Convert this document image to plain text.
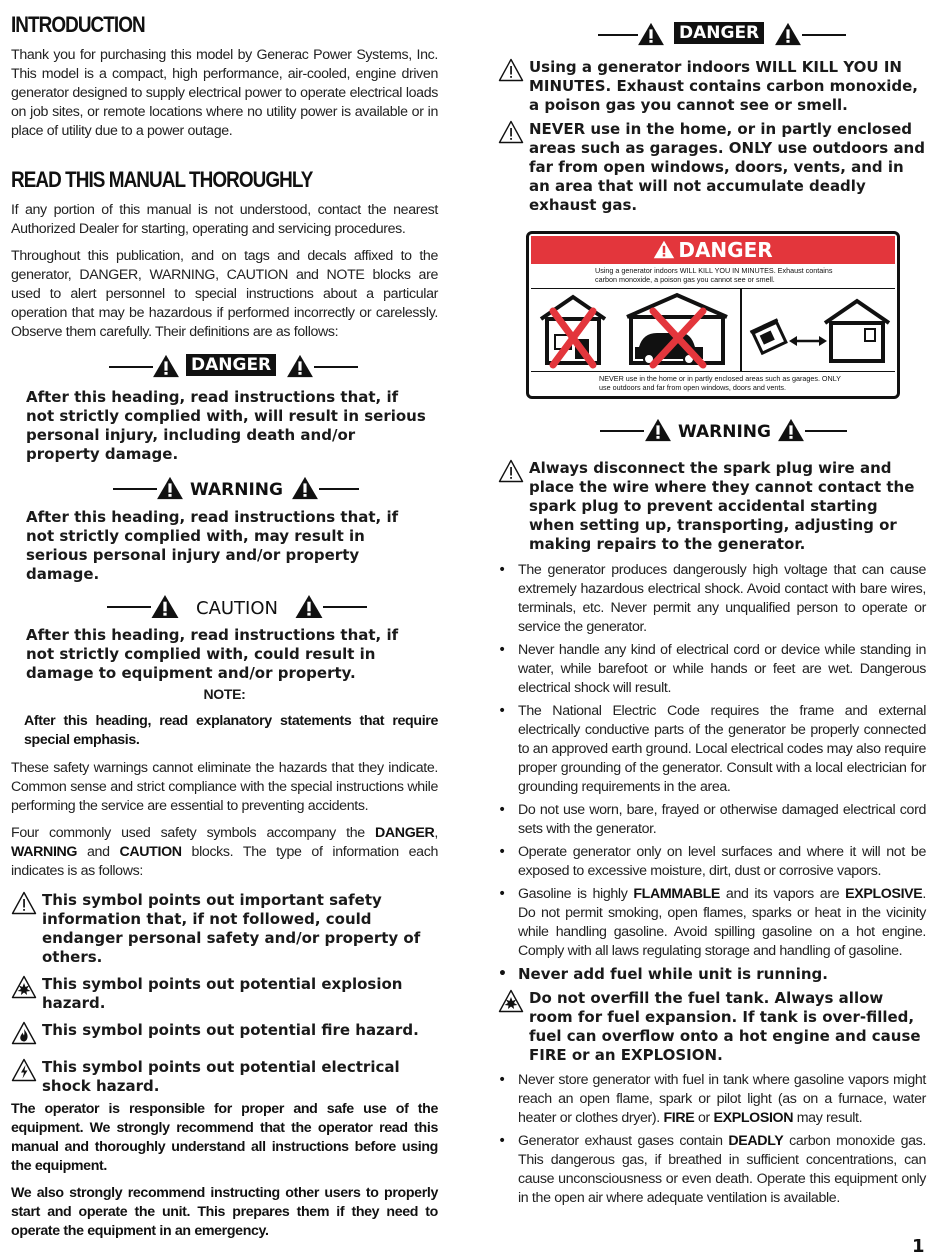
INTRODUCTION

Thank you for purchasing this model by Generac Power Systems, Inc. This model is a compact, high performance, air-cooled, engine driven generator designed to supply electrical power to operate electrical loads on job sites, or remote locations where no utility power is available or in place of utility due to a power outage.

READ THIS MANUAL THOROUGHLY

If any portion of this manual is not understood, contact the nearest Authorized Dealer for starting, operating and servicing procedures.

Throughout this publication, and on tags and decals affixed to the generator, DANGER, WARNING, CAUTION and NOTE blocks are used to alert personnel to special instructions about a particular operation that may be hazardous if performed incorrectly or carelessly. Observe them carefully. Their definitions are as follows:

DANGER

After this heading, read instructions that, if not strictly complied with, will result in serious personal injury, including death and/or property damage.

WARNING

After this heading, read instructions that, if not strictly complied with, may result in serious personal injury and/or property damage.

CAUTION

After this heading, read instructions that, if not strictly complied with, could result in damage to equipment and/or property.

NOTE:

After this heading, read explanatory statements that require special emphasis.

These safety warnings cannot eliminate the hazards that they indicate. Common sense and strict compliance with the special instructions while performing the service are essential to preventing accidents.

Four commonly used safety symbols accompany the DANGER, WARNING and CAUTION blocks. The type of information each indicates is as follows:

This symbol points out important safety information that, if not followed, could endanger personal safety and/or property of others.

This symbol points out potential explosion hazard.

This symbol points out potential fire hazard.

This symbol points out potential electrical shock hazard.

The operator is responsible for proper and safe use of the equipment. We strongly recommend that the operator read this manual and thoroughly understand all instructions before using the equipment.

We also strongly recommend instructing other users to properly start and operate the unit. This prepares them if they need to operate the equipment in an emergency.

DANGER

Using a generator indoors WILL KILL YOU IN MINUTES. Exhaust contains carbon monoxide, a poison gas you cannot see or smell.

NEVER use in the home, or in partly enclosed areas such as garages. ONLY use outdoors and far from open windows, doors, vents, and in an area that will not accumulate deadly exhaust gas.

DANGER
Using a generator indoors WILL KILL YOU IN MINUTES. Exhaust contains carbon monoxide, a poison gas you cannot see or smell.
NEVER use in the home or in partly enclosed areas such as garages. ONLY use outdoors and far from open windows, doors and vents.
WARNING

Always disconnect the spark plug wire and place the wire where they cannot contact the spark plug to prevent accidental starting when setting up, transporting, adjusting or making repairs to the generator.

• The generator produces dangerously high voltage that can cause extremely hazardous electrical shock. Avoid contact with bare wires, terminals, etc. Never permit any unqualified person to operate or service the generator.
• Never handle any kind of electrical cord or device while standing in water, while barefoot or while hands or feet are wet. Dangerous electrical shock will result.
• The National Electric Code requires the frame and external electrically conductive parts of the generator be properly connected to an approved earth ground. Local electrical codes may also require proper grounding of the generator. Consult with a local electrician for grounding requirements in the area.
• Do not use worn, bare, frayed or otherwise damaged electrical cord sets with the generator.
• Operate generator only on level surfaces and where it will not be exposed to excessive moisture, dirt, dust or corrosive vapors.
• Gasoline is highly FLAMMABLE and its vapors are EXPLOSIVE. Do not permit smoking, open flames, sparks or heat in the vicinity while handling gasoline. Avoid spilling gasoline on a hot engine. Comply with all laws regulating storage and handling of gasoline.
• Never add fuel while unit is running.

Do not overfill the fuel tank. Always allow room for fuel expansion. If tank is over-filled, fuel can overflow onto a hot engine and cause FIRE or an EXPLOSION.

• Never store generator with fuel in tank where gasoline vapors might reach an open flame, spark or pilot light (as on a furnace, water heater or clothes dryer). FIRE or EXPLOSION may result.
• Generator exhaust gases contain DEADLY carbon monoxide gas. This dangerous gas, if breathed in sufficient concentrations, can cause unconsciousness or even death. Operate this equipment only in the open air where adequate ventilation is available.
1
